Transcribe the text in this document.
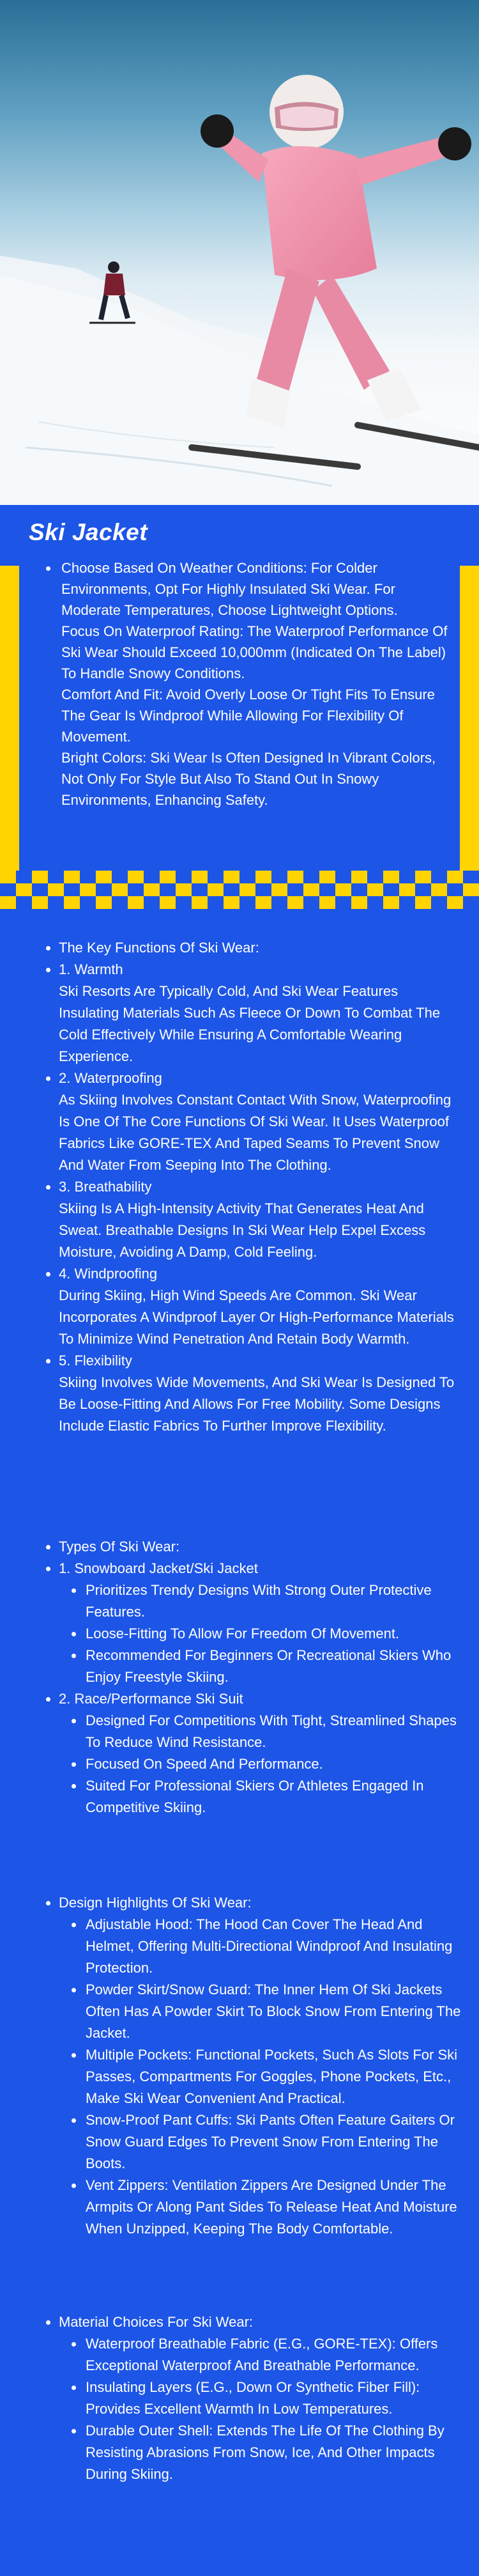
Ski Jacket
Choose Based On Weather Conditions: For Colder Environments, Opt For Highly Insulated Ski Wear. For Moderate Temperatures, Choose Lightweight Options.
Focus On Waterproof Rating: The Waterproof Performance Of Ski Wear Should Exceed 10,000mm (Indicated On The Label) To Handle Snowy Conditions.
Comfort And Fit: Avoid Overly Loose Or Tight Fits To Ensure The Gear Is Windproof While Allowing For Flexibility Of Movement.
Bright Colors: Ski Wear Is Often Designed In Vibrant Colors, Not Only For Style But Also To Stand Out In Snowy Environments, Enhancing Safety.
The Key Functions Of Ski Wear:
1. Warmth
Ski Resorts Are Typically Cold, And Ski Wear Features Insulating Materials Such As Fleece Or Down To Combat The Cold Effectively While Ensuring A Comfortable Wearing Experience.
2. Waterproofing
As Skiing Involves Constant Contact With Snow, Waterproofing Is One Of The Core Functions Of Ski Wear. It Uses Waterproof Fabrics Like GORE-TEX And Taped Seams To Prevent Snow And Water From Seeping Into The Clothing.
3. Breathability
Skiing Is A High-Intensity Activity That Generates Heat And Sweat. Breathable Designs In Ski Wear Help Expel Excess Moisture, Avoiding A Damp, Cold Feeling.
4. Windproofing
During Skiing, High Wind Speeds Are Common. Ski Wear Incorporates A Windproof Layer Or High-Performance Materials To Minimize Wind Penetration And Retain Body Warmth.
5. Flexibility
Skiing Involves Wide Movements, And Ski Wear Is Designed To Be Loose-Fitting And Allows For Free Mobility. Some Designs Include Elastic Fabrics To Further Improve Flexibility.
Types Of Ski Wear:
1. Snowboard Jacket/Ski Jacket
Prioritizes Trendy Designs With Strong Outer Protective Features.
Loose-Fitting To Allow For Freedom Of Movement.
Recommended For Beginners Or Recreational Skiers Who Enjoy Freestyle Skiing.
2. Race/Performance Ski Suit
Designed For Competitions With Tight, Streamlined Shapes To Reduce Wind Resistance.
Focused On Speed And Performance.
Suited For Professional Skiers Or Athletes Engaged In Competitive Skiing.
Design Highlights Of Ski Wear:
Adjustable Hood: The Hood Can Cover The Head And Helmet, Offering Multi-Directional Windproof And Insulating Protection.
Powder Skirt/Snow Guard: The Inner Hem Of Ski Jackets Often Has A Powder Skirt To Block Snow From Entering The Jacket.
Multiple Pockets: Functional Pockets, Such As Slots For Ski Passes, Compartments For Goggles, Phone Pockets, Etc., Make Ski Wear Convenient And Practical.
Snow-Proof Pant Cuffs: Ski Pants Often Feature Gaiters Or Snow Guard Edges To Prevent Snow From Entering The Boots.
Vent Zippers: Ventilation Zippers Are Designed Under The Armpits Or Along Pant Sides To Release Heat And Moisture When Unzipped, Keeping The Body Comfortable.
Material Choices For Ski Wear:
Waterproof Breathable Fabric (E.G., GORE-TEX): Offers Exceptional Waterproof And Breathable Performance.
Insulating Layers (E.G., Down Or Synthetic Fiber Fill): Provides Excellent Warmth In Low Temperatures.
Durable Outer Shell: Extends The Life Of The Clothing By Resisting Abrasions From Snow, Ice, And Other Impacts During Skiing.
